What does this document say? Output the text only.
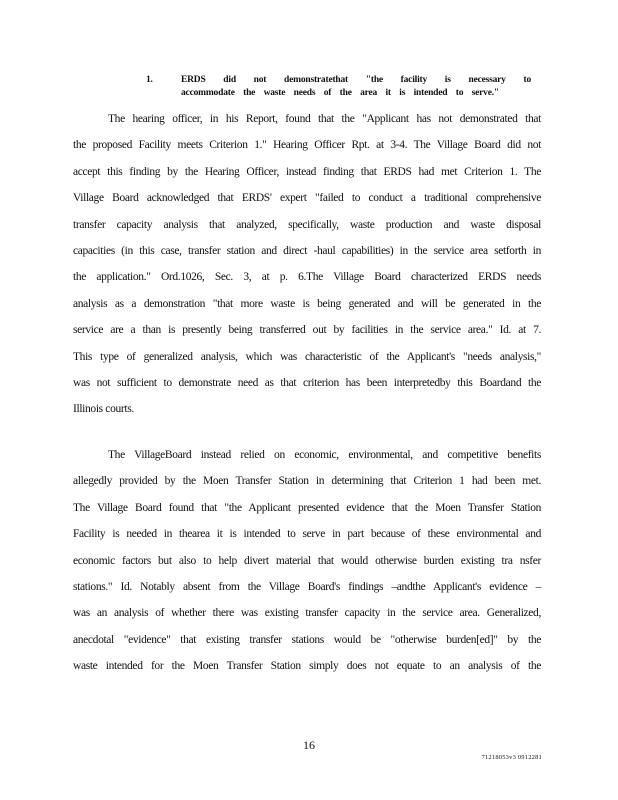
1.	ERDS did not demonstratethat "the facility is necessary to
accommodate the waste needs of the area it is intended to serve."
The hearing officer, in his Report, found that the "Applicant has not demonstrated that
the proposed Facility meets Criterion 1." Hearing Officer Rpt. at 3-4. The Village Board did not
accept this finding by the Hearing Officer, instead finding that ERDS had met Criterion 1. The
Village Board acknowledged that ERDS' expert "failed to conduct a traditional comprehensive
transfer capacity analysis that analyzed, specifically, waste production and waste disposal
capacities (in this case, transfer station and direct -haul capabilities) in the service area setforth in
the application." Ord.1026, Sec. 3, at p. 6.The Village Board characterized ERDS needs
analysis as a demonstration "that more waste is being generated and will be generated in the
service are a than is presently being transferred out by facilities in the service area." Id. at 7.
This type of generalized analysis, which was characteristic of the Applicant's "needs analysis,"
was not sufficient to demonstrate need as that criterion has been interpretedby this Boardand the
Illinois courts.
The VillageBoard instead relied on economic, environmental, and competitive benefits
allegedly provided by the Moen Transfer Station in determining that Criterion 1 had been met.
The Village Board found that "the Applicant presented evidence that the Moen Transfer Station
Facility is needed in thearea it is intended to serve in part because of these environmental and
economic factors but also to help divert material that would otherwise burden existing tra nsfer
stations." Id. Notably absent from the Village Board's findings –andthe Applicant's evidence –
was an analysis of whether there was existing transfer capacity in the service area. Generalized,
anecdotal "evidence" that existing transfer stations would be "otherwise burden[ed]" by the
waste intended for the Moen Transfer Station simply does not equate to an analysis of the
16
71218053v3 0912281
